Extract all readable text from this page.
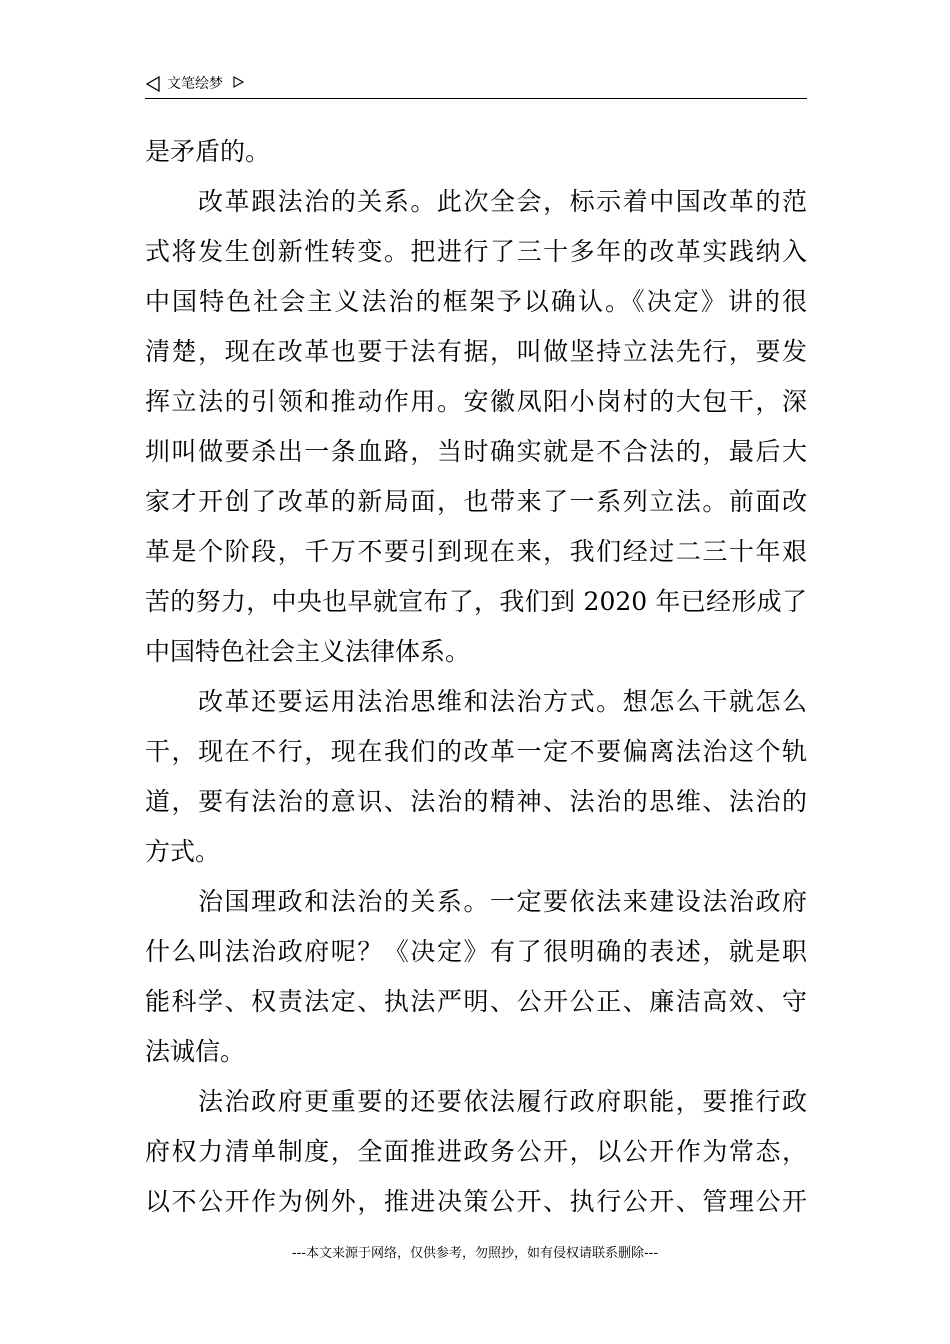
文笔绘梦
是矛盾的。
改革跟法治的关系。此次全会，标示着中国改革的范
式将发生创新性转变。把进行了三十多年的改革实践纳入
中国特色社会主义法治的框架予以确认。《决定》讲的很
清楚，现在改革也要于法有据，叫做坚持立法先行，要发
挥立法的引领和推动作用。安徽凤阳小岗村的大包干，深
圳叫做要杀出一条血路，当时确实就是不合法的，最后大
家才开创了改革的新局面，也带来了一系列立法。前面改
革是个阶段，千万不要引到现在来，我们经过二三十年艰
苦的努力，中央也早就宣布了，我们到 2020 年已经形成了
中国特色社会主义法律体系。
改革还要运用法治思维和法治方式。想怎么干就怎么
干，现在不行，现在我们的改革一定不要偏离法治这个轨
道，要有法治的意识、法治的精神、法治的思维、法治的
方式。
治国理政和法治的关系。一定要依法来建设法治政府
什么叫法治政府呢？《决定》有了很明确的表述，就是职
能科学、权责法定、执法严明、公开公正、廉洁高效、守
法诚信。
法治政府更重要的还要依法履行政府职能，要推行政
府权力清单制度，全面推进政务公开，以公开作为常态，
以不公开作为例外，推进决策公开、执行公开、管理公开
---本文来源于网络，仅供参考，勿照抄，如有侵权请联系删除---
